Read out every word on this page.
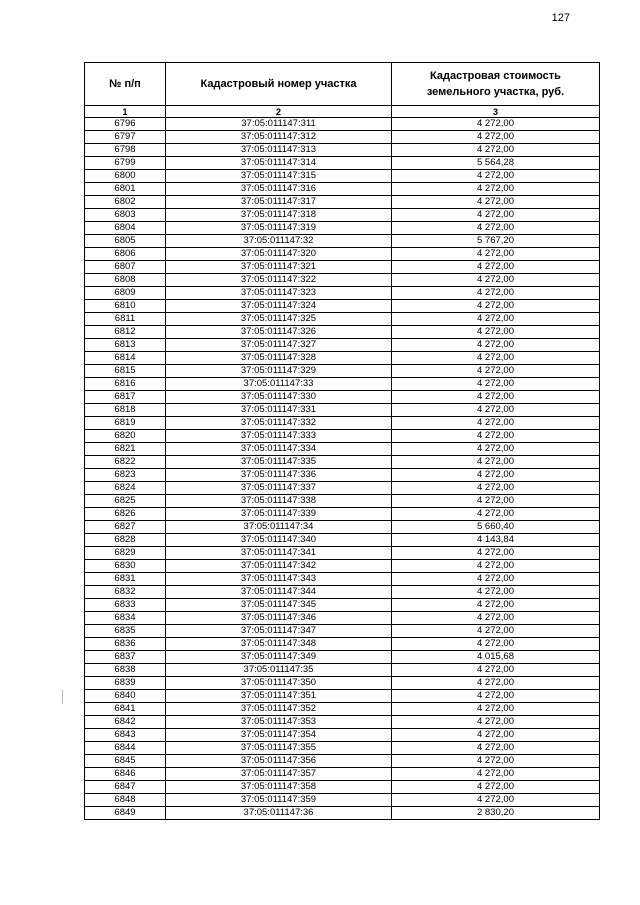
127
№ п/п	Кадастровый номер участка	Кадастровая стоимость
земельного участка, руб.

1	2	3
6796	37:05:011147:311	4 272,00
6797	37:05:011147:312	4 272,00
6798	37:05:011147:313	4 272,00
6799	37:05:011147:314	5 564,28
6800	37:05:011147:315	4 272,00
6801	37:05:011147:316	4 272,00
6802	37:05:011147:317	4 272,00
6803	37:05:011147:318	4 272,00
6804	37:05:011147:319	4 272,00
6805	37:05:011147:32	5 767,20
6806	37:05:011147:320	4 272,00
6807	37:05:011147:321	4 272,00
6808	37:05:011147:322	4 272,00
6809	37:05:011147:323	4 272,00
6810	37:05:011147:324	4 272,00
6811	37:05:011147:325	4 272,00
6812	37:05:011147:326	4 272,00
6813	37:05:011147:327	4 272,00
6814	37:05:011147:328	4 272,00
6815	37:05:011147:329	4 272,00
6816	37:05:011147:33	4 272,00
6817	37:05:011147:330	4 272,00
6818	37:05:011147:331	4 272,00
6819	37:05:011147:332	4 272,00
6820	37:05:011147:333	4 272,00
6821	37:05:011147:334	4 272,00
6822	37:05:011147:335	4 272,00
6823	37:05:011147:336	4 272,00
6824	37:05:011147:337	4 272,00
6825	37:05:011147:338	4 272,00
6826	37:05:011147:339	4 272,00
6827	37:05:011147:34	5 660,40
6828	37:05:011147:340	4 143,84
6829	37:05:011147:341	4 272,00
6830	37:05:011147:342	4 272,00
6831	37:05:011147:343	4 272,00
6832	37:05:011147:344	4 272,00
6833	37:05:011147:345	4 272,00
6834	37:05:011147:346	4 272,00
6835	37:05:011147:347	4 272,00
6836	37:05:011147:348	4 272,00
6837	37:05:011147:349	4 015,68
6838	37:05:011147:35	4 272,00
6839	37:05:011147:350	4 272,00
6840	37:05:011147:351	4 272,00
6841	37:05:011147:352	4 272,00
6842	37:05:011147:353	4 272,00
6843	37:05:011147:354	4 272,00
6844	37:05:011147:355	4 272,00
6845	37:05:011147:356	4 272,00
6846	37:05:011147:357	4 272,00
6847	37:05:011147:358	4 272,00
6848	37:05:011147:359	4 272,00
6849	37:05:011147:36	2 830,20
